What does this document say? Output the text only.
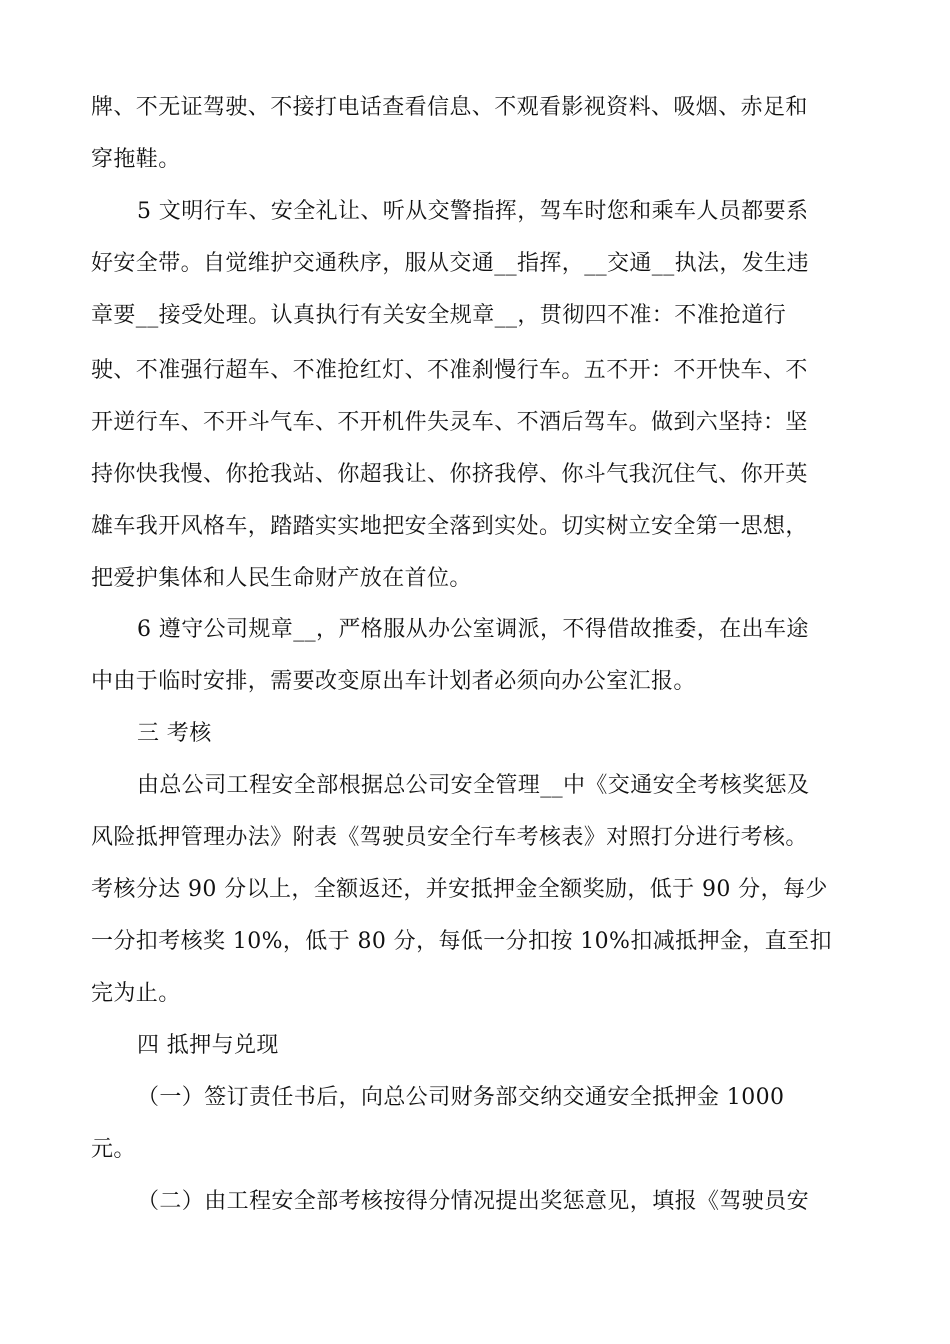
牌、不无证驾驶、不接打电话查看信息、不观看影视资料、吸烟、赤足和
穿拖鞋。
5 文明行车、安全礼让、听从交警指挥，驾车时您和乘车人员都要系
好安全带。自觉维护交通秩序，服从交通__指挥，__交通__执法，发生违
章要__接受处理。认真执行有关安全规章__，贯彻四不准：不准抢道行
驶、不准强行超车、不准抢红灯、不准刹慢行车。五不开：不开快车、不
开逆行车、不开斗气车、不开机件失灵车、不酒后驾车。做到六坚持：坚
持你快我慢、你抢我站、你超我让、你挤我停、你斗气我沉住气、你开英
雄车我开风格车，踏踏实实地把安全落到实处。切实树立安全第一思想，
把爱护集体和人民生命财产放在首位。
6 遵守公司规章__，严格服从办公室调派，不得借故推委，在出车途
中由于临时安排，需要改变原出车计划者必须向办公室汇报。
三 考核
由总公司工程安全部根据总公司安全管理__中《交通安全考核奖惩及
风险抵押管理办法》附表《驾驶员安全行车考核表》对照打分进行考核。
考核分达 90 分以上，全额返还，并安抵押金全额奖励，低于 90 分，每少
一分扣考核奖 10%，低于 80 分，每低一分扣按 10%扣减抵押金，直至扣
完为止。
四 抵押与兑现
（一）签订责任书后，向总公司财务部交纳交通安全抵押金 1000
元。
（二）由工程安全部考核按得分情况提出奖惩意见，填报《驾驶员安
